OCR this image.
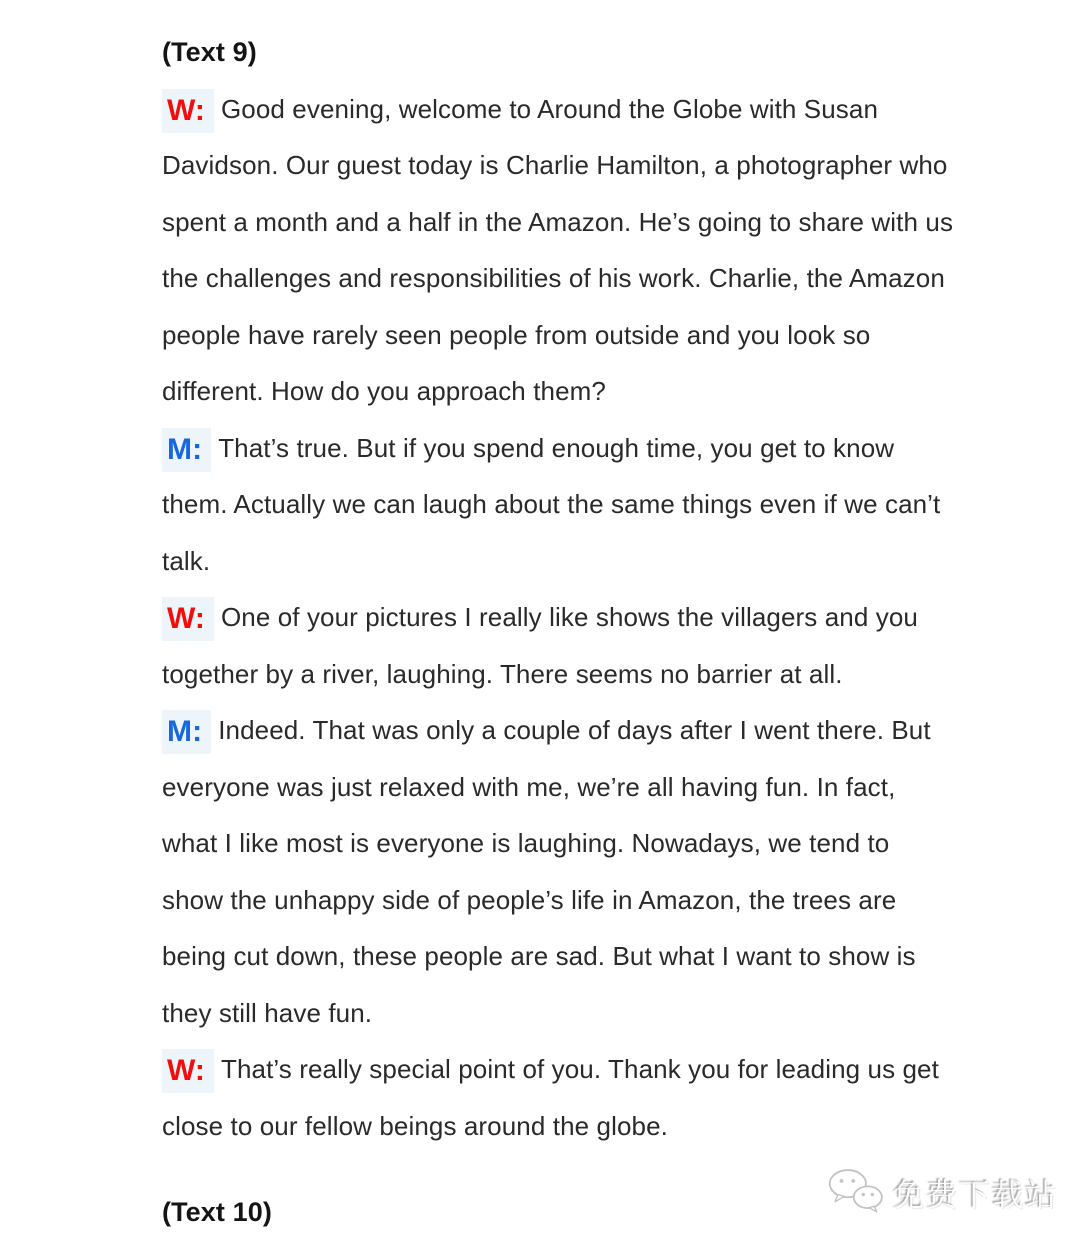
(Text 9)
W: Good evening, welcome to Around the Globe with Susan
Davidson. Our guest today is Charlie Hamilton, a photographer who
spent a month and a half in the Amazon. He’s going to share with us
the challenges and responsibilities of his work. Charlie, the Amazon
people have rarely seen people from outside and you look so
different. How do you approach them?
M: That’s true. But if you spend enough time, you get to know
them. Actually we can laugh about the same things even if we can’t
talk.
W: One of your pictures I really like shows the villagers and you
together by a river, laughing. There seems no barrier at all.
M: Indeed. That was only a couple of days after I went there. But
everyone was just relaxed with me, we’re all having fun. In fact,
what I like most is everyone is laughing. Nowadays, we tend to
show the unhappy side of people’s life in Amazon, the trees are
being cut down, these people are sad. But what I want to show is
they still have fun.
W: That’s really special point of you. Thank you for leading us get
close to our fellow beings around the globe.
(Text 10)	免费下载站
